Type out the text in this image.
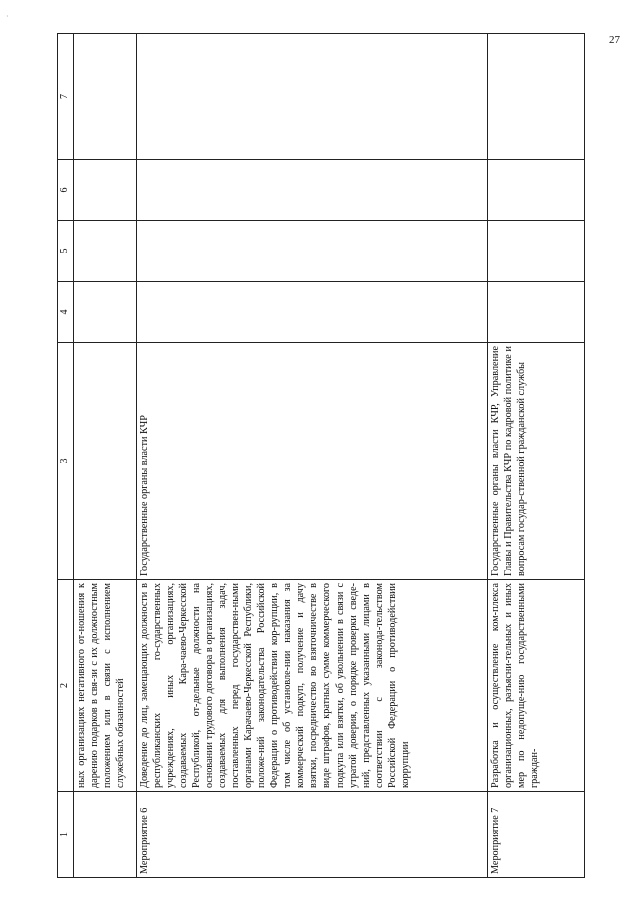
27
·
1	2	3	4	5	6	7
	ных организациях негативного от-ношения к дарению подарков в свя-зи с их должностным положением или в связи с исполнением служебных обязанностей					
Мероприятие 6	Доведение до лиц, замещающих должности в республиканских го-сударственных учреждениях, иных организациях, создаваемых Кара-чаево-Черкесской Республикой, от-дельные должности на основании трудового договора в организациях, создаваемых для выполнения задач, поставленных перед государствен-ными органами Карачаево-Черкесской Республики, положе-ний законодательства Российской Федерации о противодействии кор-рупции, в том числе об установле-нии наказания за коммерческий подкуп, получение и дачу взятки, посредничество во взяточничестве в виде штрафов, кратных сумме коммерческого подкупа или взятки, об увольнении в связи с утратой доверия, о порядке проверки сведе-ний, представленных указанными лицами в соответствии с законода-тельством Российской Федерации о противодействии коррупции	Государственные органы власти КЧР				
Мероприятие 7	Разработка и осуществление ком-плекса организационных, разъясни-тельных и иных мер по недопуще-нию государственными граждан-	Государственные органы власти КЧР, Управление Главы и Правительства КЧР по кадровой политике и вопросам государ-ственной гражданской службы				
